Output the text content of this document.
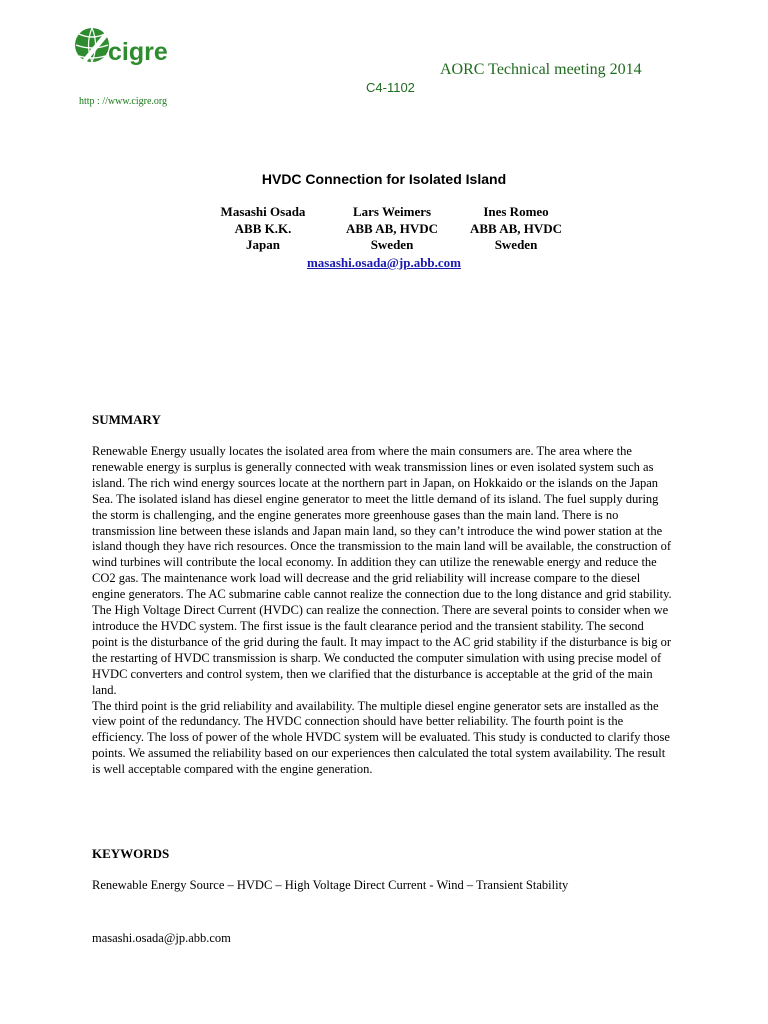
cigre
http : //www.cigre.org
AORC Technical meeting 2014
C4-1102
HVDC Connection for Isolated Island
Masashi Osada
ABB K.K.
Japan
Lars Weimers
ABB AB, HVDC
Sweden
Ines Romeo
ABB AB, HVDC
Sweden
masashi.osada@jp.abb.com
SUMMARY

Renewable Energy usually locates the isolated area from where the main consumers are. The area where the renewable energy is surplus is generally connected with weak transmission lines or even isolated system such as island. The rich wind energy sources locate at the northern part in Japan, on Hokkaido or the islands on the Japan Sea. The isolated island has diesel engine generator to meet the little demand of its island. The fuel supply during the storm is challenging, and the engine generates more greenhouse gases than the main land. There is no transmission line between these islands and Japan main land, so they can’t introduce the wind power station at the island though they have rich resources. Once the transmission to the main land will be available, the construction of wind turbines will contribute the local economy. In addition they can utilize the renewable energy and reduce the CO2 gas. The maintenance work load will decrease and the grid reliability will increase compare to the diesel engine generators. The AC submarine cable cannot realize the connection due to the long distance and grid stability. The High Voltage Direct Current (HVDC) can realize the connection. There are several points to consider when we introduce the HVDC system. The first issue is the fault clearance period and the transient stability. The second point is the disturbance of the grid during the fault. It may impact to the AC grid stability if the disturbance is big or the restarting of HVDC transmission is sharp. We conducted the computer simulation with using precise model of HVDC converters and control system, then we clarified that the disturbance is acceptable at the grid of the main land.

The third point is the grid reliability and availability. The multiple diesel engine generator sets are installed as the view point of the redundancy. The HVDC connection should have better reliability. The fourth point is the efficiency. The loss of power of the whole HVDC system will be evaluated. This study is conducted to clarify those points. We assumed the reliability based on our experiences then calculated the total system availability. The result is well acceptable compared with the engine generation.

KEYWORDS
Renewable Energy Source – HVDC – High Voltage Direct Current - Wind – Transient Stability
masashi.osada@jp.abb.com
